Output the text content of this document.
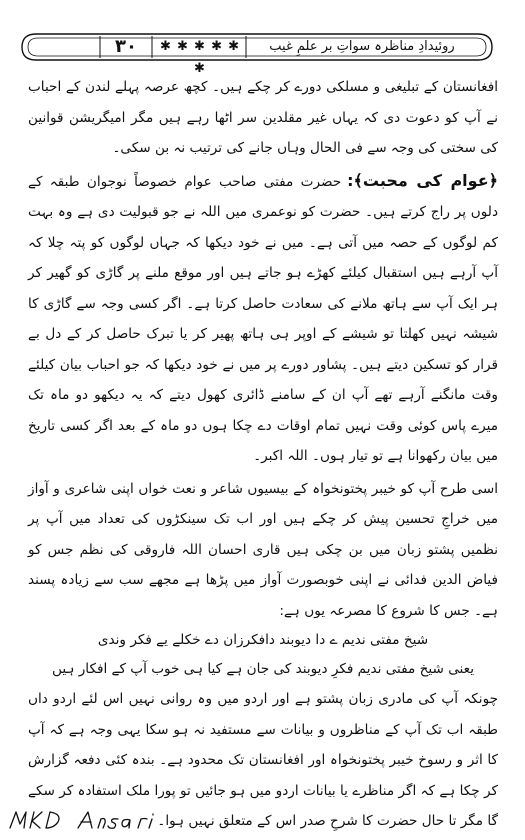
۳۰	✱ ✱ ✱ ✱ ✱ ✱
روئیدادِ مناظرہ سواتِ بر علمِ غیب

افغانستان کے تبلیغی و مسلکی دورے کر چکے ہیں۔ کچھ عرصہ پہلے لندن کے احباب نے آپ کو دعوت دی کہ یہاں غیر مقلدین سر اٹھا رہے ہیں مگر امیگریشن قوانین کی سختی کی وجہ سے فی الحال وہاں جانے کی ترتیب نہ بن سکی۔

﴿عوام کی محبت﴾:حضرت مفتی صاحب عوام خصوصاً نوجوان طبقہ کے دلوں پر راج کرتے ہیں۔ حضرت کو نوعمری میں اللہ نے جو قبولیت دی ہے وہ بہت کم لوگوں کے حصہ میں آتی ہے۔ میں نے خود دیکھا کہ جہاں لوگوں کو پتہ چلا کہ آپ آرہے ہیں استقبال کیلئے کھڑے ہو جاتے ہیں اور موقع ملنے پر گاڑی کو گھیر کر ہر ایک آپ سے ہاتھ ملانے کی سعادت حاصل کرتا ہے۔ اگر کسی وجہ سے گاڑی کا شیشہ نہیں کھلتا تو شیشے کے اوپر ہی ہاتھ پھیر کر یا تبرک حاصل کر کے دل بے قرار کو تسکین دیتے ہیں۔ پشاور دورے پر میں نے خود دیکھا کہ جو احباب بیان کیلئے وقت مانگنے آرہے تھے آپ ان کے سامنے ڈائری کھول دیتے کہ یہ دیکھو دو ماہ تک میرے پاس کوئی وقت نہیں تمام اوقات دے چکا ہوں دو ماہ کے بعد اگر کسی تاریخ میں بیان رکھوانا ہے تو تیار ہوں۔ اللہ اکبر۔

اسی طرح آپ کو خیبر پختونخواہ کے بیسیوں شاعر و نعت خواں اپنی شاعری و آواز میں خراجِ تحسین پیش کر چکے ہیں اور اب تک سینکڑوں کی تعداد میں آپ پر نظمیں پشتو زبان میں بن چکی ہیں قاری احسان اللہ فاروقی کی نظم جس کو فیاض الدین فدائی نے اپنی خوبصورت آواز میں پڑھا ہے مجھے سب سے زیادہ پسند ہے۔ جس کا شروع کا مصرعہ یوں ہے:

شیخ مفتی ندیم ے دا دیوبند دافکرزان دے خکلے یے فکر وندی

یعنی شیخ مفتی ندیم فکرِ دیوبند کی جان ہے کیا ہی خوب آپ کے افکار ہیں

چونکہ آپ کی مادری زبان پشتو ہے اور اردو میں وہ روانی نہیں اس لئے اردو داں طبقہ اب تک آپ کے مناظروں و بیانات سے مستفید نہ ہو سکا یہی وجہ ہے کہ آپ کا اثر و رسوخ خیبر پختونخواہ اور افغانستان تک محدود ہے۔ بندہ کئی دفعہ گزارش کر چکا ہے کہ اگر مناظرے یا بیانات اردو میں ہو جائیں تو پورا ملک استفادہ کر سکے گا مگر تا حال حضرت کا شرحِ صدر اس کے متعلق نہیں ہوا۔
